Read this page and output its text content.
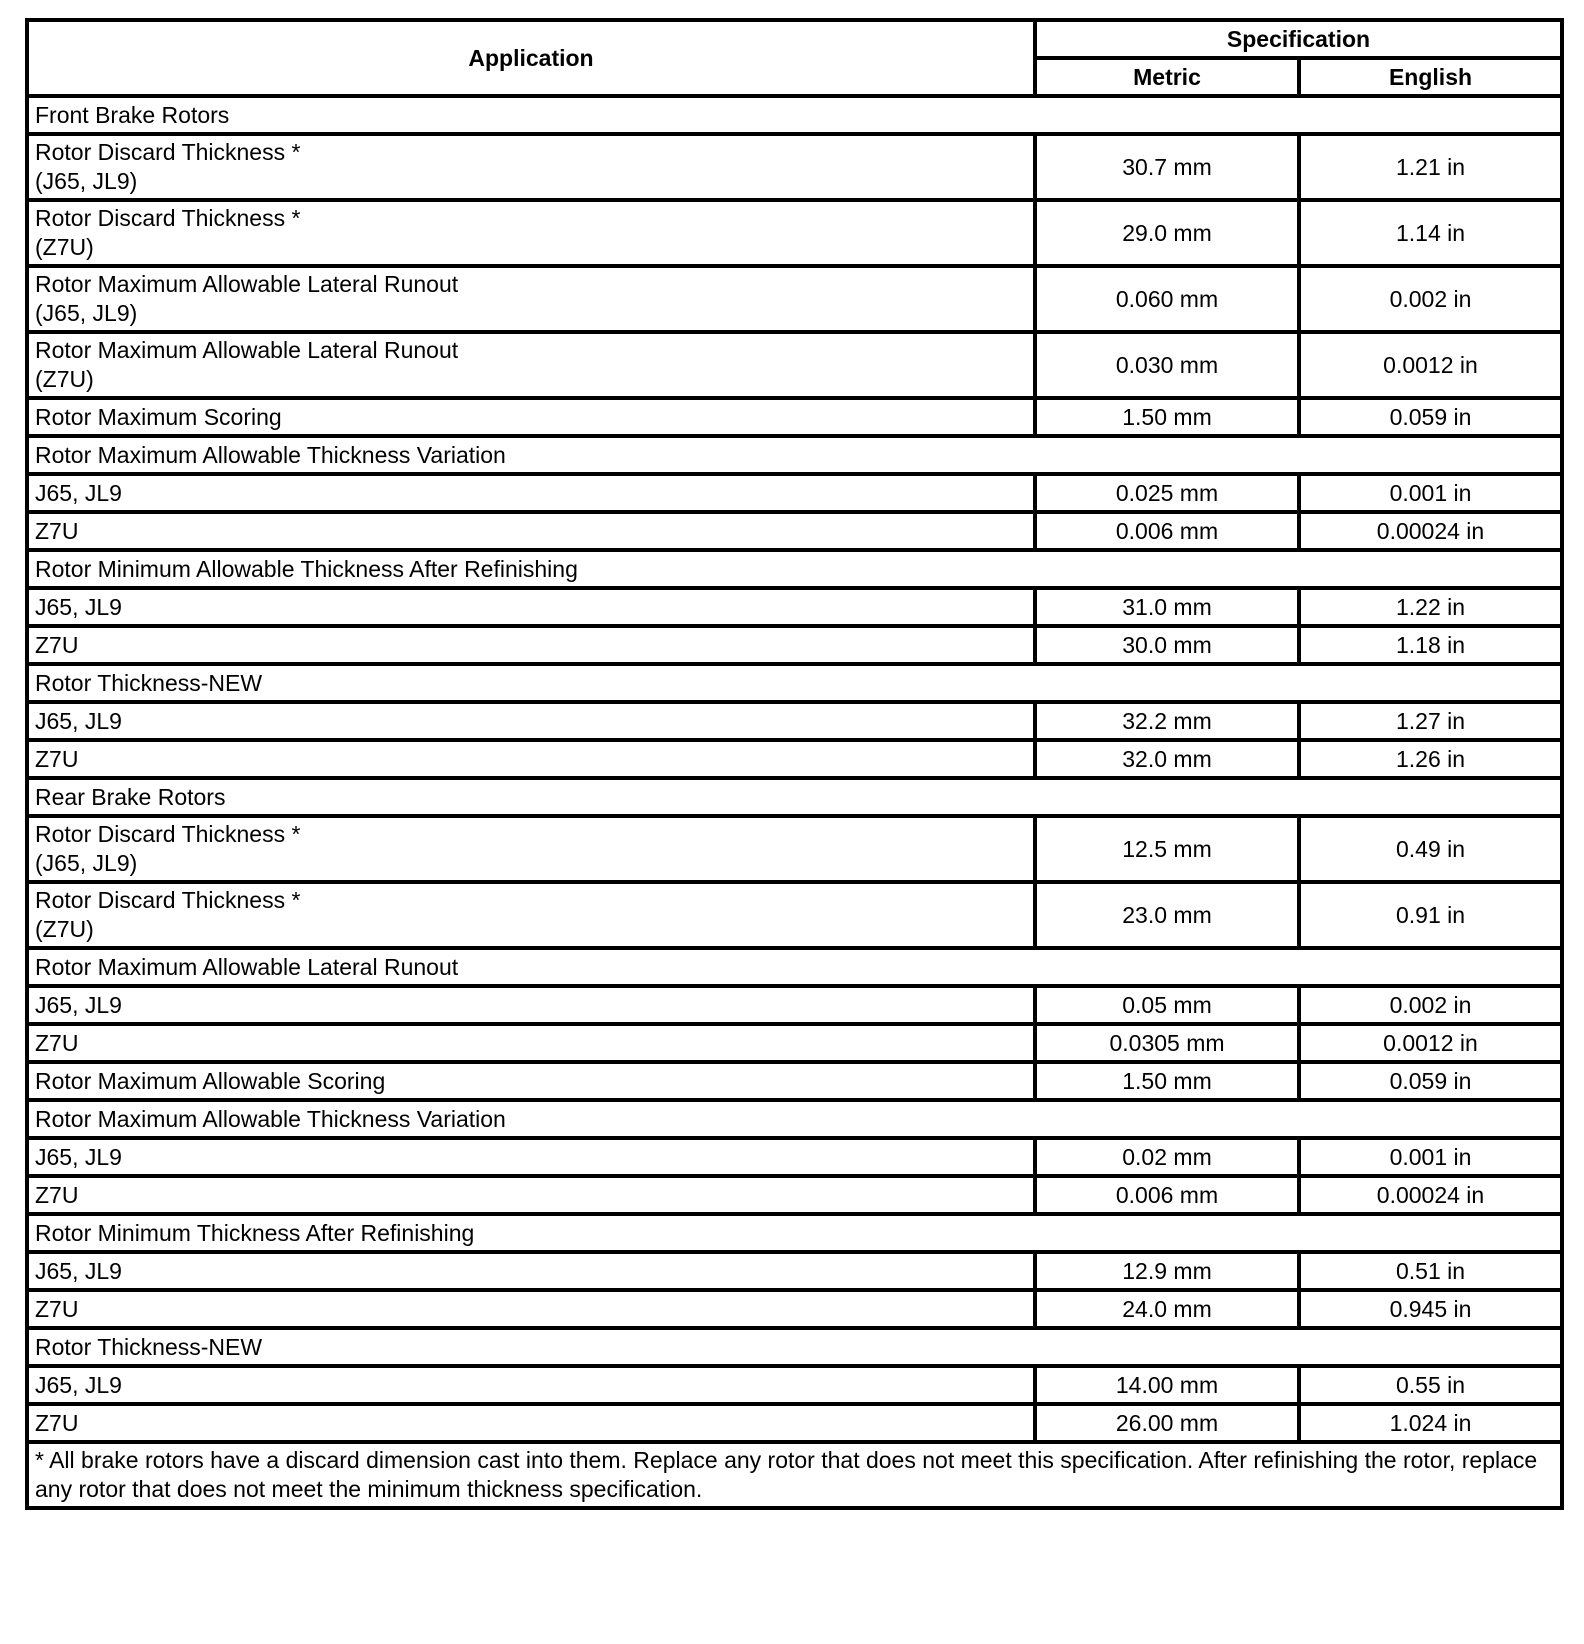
Application	Specification	
	Metric	English
Front Brake Rotors		

Rotor Discard Thickness *
(J65, JL9)	30.7 mm	1.21 in

Rotor Discard Thickness *
(Z7U)	29.0 mm	1.14 in

Rotor Maximum Allowable Lateral Runout
(J65, JL9)	0.060 mm	0.002 in

Rotor Maximum Allowable Lateral Runout
(Z7U)	0.030 mm	0.0012 in

Rotor Maximum Scoring	1.50 mm	0.059 in
Rotor Maximum Allowable Thickness Variation		

J65, JL9	0.025 mm	0.001 in

Z7U	0.006 mm	0.00024 in
Rotor Minimum Allowable Thickness After Refinishing		

J65, JL9	31.0 mm	1.22 in

Z7U	30.0 mm	1.18 in
Rotor Thickness-NEW		

J65, JL9	32.2 mm	1.27 in

Z7U	32.0 mm	1.26 in
Rear Brake Rotors		

Rotor Discard Thickness *
(J65, JL9)	12.5 mm	0.49 in

Rotor Discard Thickness *
(Z7U)	23.0 mm	0.91 in
Rotor Maximum Allowable Lateral Runout		

J65, JL9	0.05 mm	0.002 in

Z7U	0.0305 mm	0.0012 in

Rotor Maximum Allowable Scoring	1.50 mm	0.059 in
Rotor Maximum Allowable Thickness Variation		

J65, JL9	0.02 mm	0.001 in

Z7U	0.006 mm	0.00024 in
Rotor Minimum Thickness After Refinishing		

J65, JL9	12.9 mm	0.51 in

Z7U	24.0 mm	0.945 in
Rotor Thickness-NEW		

J65, JL9	14.00 mm	0.55 in

Z7U	26.00 mm	1.024 in
* All brake rotors have a discard dimension cast into them. Replace any rotor that does not meet this specification. After refinishing the rotor, replace any rotor that does not meet the minimum thickness specification.		
